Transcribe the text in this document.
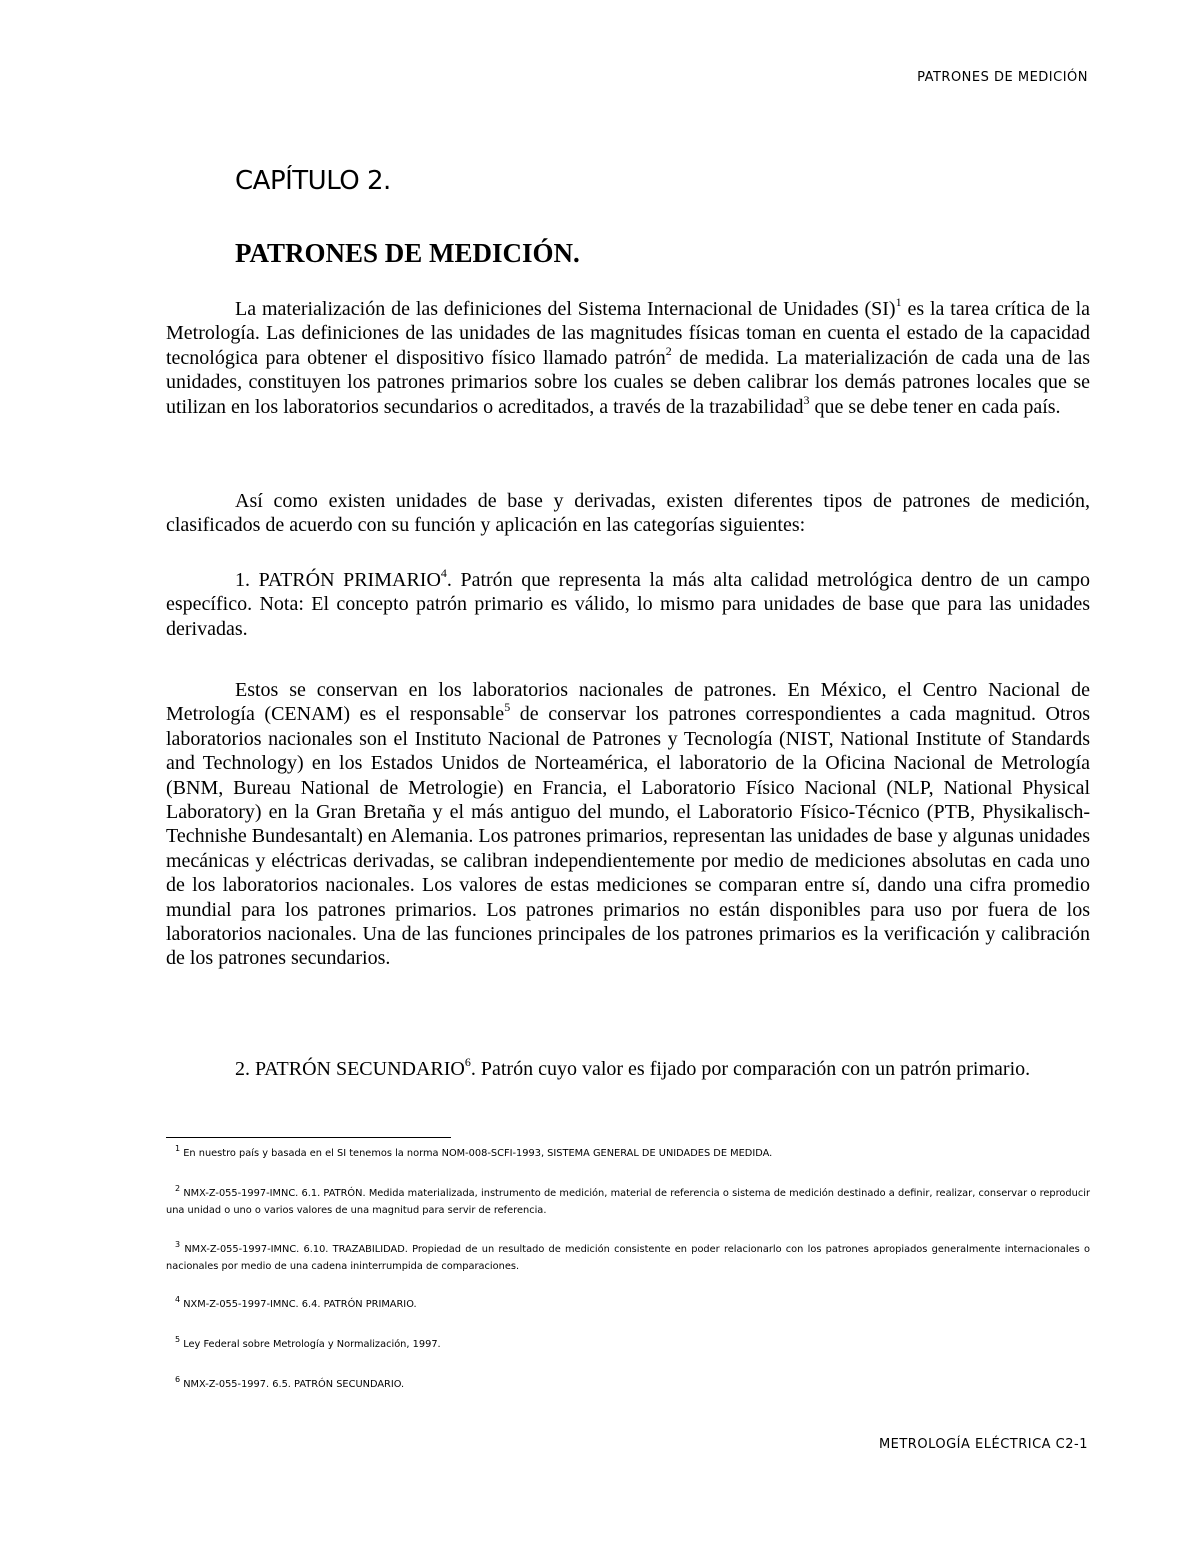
PATRONES DE MEDICIÓN
CAPÍTULO 2.
PATRONES DE MEDICIÓN.

La materialización de las definiciones del Sistema Internacional de Unidades (SI)$^1$ es la tarea crítica de la Metrología. Las definiciones de las unidades de las magnitudes físicas toman en cuenta el estado de la capacidad tecnológica para obtener el dispositivo físico llamado patrón$^2$ de medida. La materialización de cada una de las unidades, constituyen los patrones primarios sobre los cuales se deben calibrar los demás patrones locales que se utilizan en los laboratorios secundarios o acreditados, a través de la trazabilidad$^3$ que se debe tener en cada país.

Así como existen unidades de base y derivadas, existen diferentes tipos de patrones de medición, clasificados de acuerdo con su función y aplicación en las categorías siguientes:

1. PATRÓN PRIMARIO$^4$. Patrón que representa la más alta calidad metrológica dentro de un campo específico. Nota: El concepto patrón primario es válido, lo mismo para unidades de base que para las unidades derivadas.

Estos se conservan en los laboratorios nacionales de patrones. En México, el Centro Nacional de Metrología (CENAM) es el responsable$^5$ de conservar los patrones correspondientes a cada magnitud. Otros laboratorios nacionales son el Instituto Nacional de Patrones y Tecnología (NIST, National Institute of Standards and Technology) en los Estados Unidos de Norteamérica, el laboratorio de la Oficina Nacional de Metrología (BNM, Bureau National de Metrologie) en Francia, el Laboratorio Físico Nacional (NLP, National Physical Laboratory) en la Gran Bretaña y el más antiguo del mundo, el Laboratorio Físico-Técnico (PTB, Physikalisch-Technishe Bundesantalt) en Alemania. Los patrones primarios, representan las unidades de base y algunas unidades mecánicas y eléctricas derivadas, se calibran independientemente por medio de mediciones absolutas en cada uno de los laboratorios nacionales. Los valores de estas mediciones se comparan entre sí, dando una cifra promedio mundial para los patrones primarios. Los patrones primarios no están disponibles para uso por fuera de los laboratorios nacionales. Una de las funciones principales de los patrones primarios es la verificación y calibración de los patrones secundarios.

2. PATRÓN SECUNDARIO$^6$. Patrón cuyo valor es fijado por comparación con un patrón primario.

$^1$ En nuestro país y basada en el SI tenemos la norma NOM-008-SCFI-1993, SISTEMA GENERAL DE UNIDADES DE MEDIDA.

$^2$ NMX-Z-055-1997-IMNC. 6.1. PATRÓN. Medida materializada, instrumento de medición, material de referencia o sistema de medición destinado a definir, realizar, conservar o reproducir una unidad o uno o varios valores de una magnitud para servir de referencia.

$^3$ NMX-Z-055-1997-IMNC. 6.10. TRAZABILIDAD. Propiedad de un resultado de medición consistente en poder relacionarlo con los patrones apropiados generalmente internacionales o nacionales por medio de una cadena ininterrumpida de comparaciones.

$^4$ NXM-Z-055-1997-IMNC. 6.4. PATRÓN PRIMARIO.

$^5$ Ley Federal sobre Metrología y Normalización, 1997.

$^6$ NMX-Z-055-1997. 6.5. PATRÓN SECUNDARIO.

METROLOGÍA ELÉCTRICA C2-1
